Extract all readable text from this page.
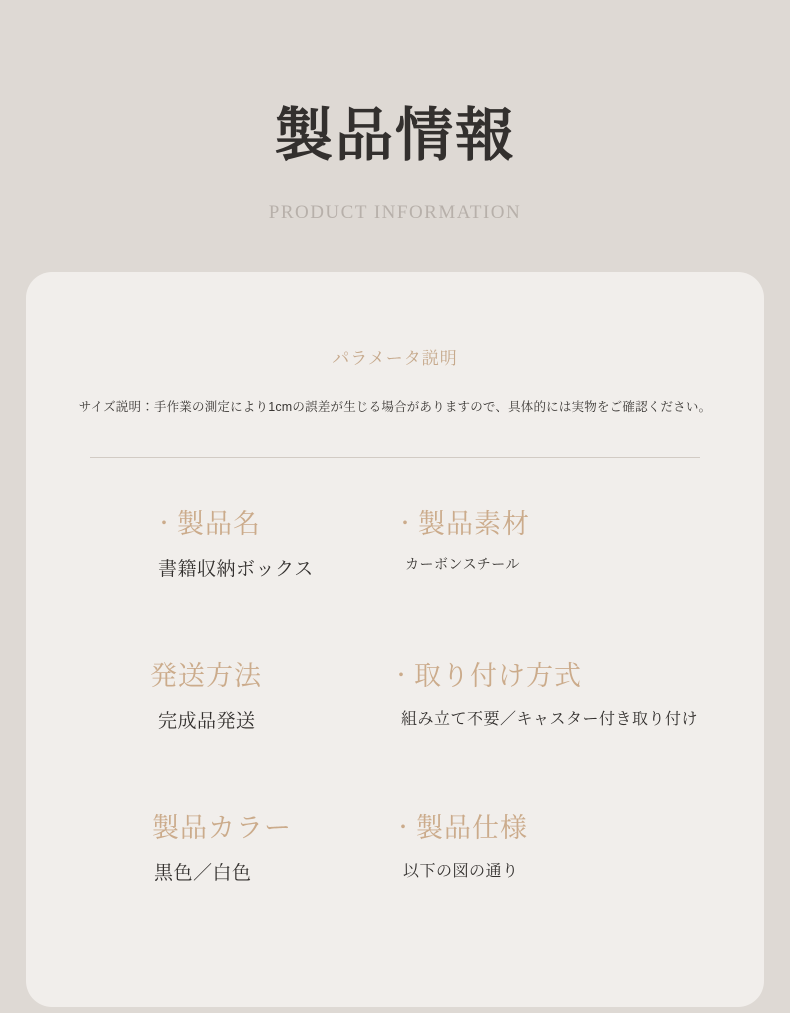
製品情報
PRODUCT INFORMATION
パラメータ説明
サイズ説明：手作業の測定により1cmの誤差が生じる場合がありますので、具体的には実物をご確認ください。
・製品名
書籍収納ボックス
・製品素材
カーボンスチール
発送方法
完成品発送
・取り付け方式
組み立て不要／キャスター付き取り付け
製品カラー
黒色／白色
・製品仕様
以下の図の通り
